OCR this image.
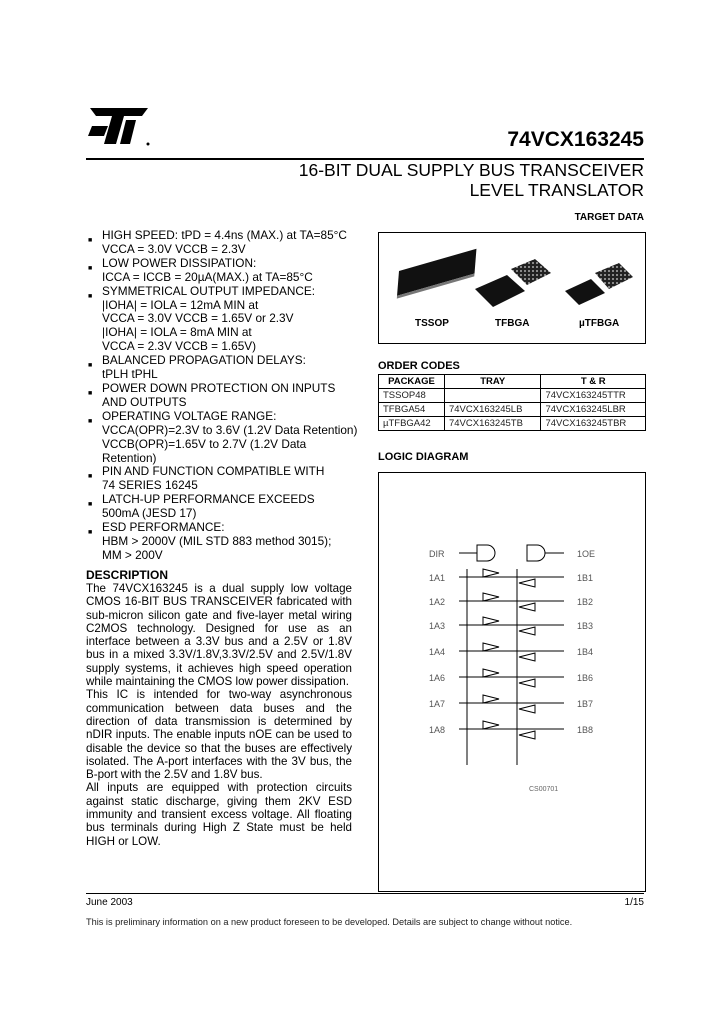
74VCX163245
16-BIT DUAL SUPPLY BUS TRANSCEIVER
LEVEL TRANSLATOR
TARGET DATA
■ HIGH SPEED: tPD = 4.4ns (MAX.) at TA=85°C
VCCA = 3.0V VCCB = 2.3V
■ LOW POWER DISSIPATION:
ICCA = ICCB = 20µA(MAX.) at TA=85°C
■ SYMMETRICAL OUTPUT IMPEDANCE:
|IOHA| = IOLA = 12mA MIN at
VCCA = 3.0V VCCB = 1.65V or 2.3V
|IOHA| = IOLA = 8mA MIN at
VCCA = 2.3V VCCB = 1.65V)
■ BALANCED PROPAGATION DELAYS:
tPLH tPHL
■ POWER DOWN PROTECTION ON INPUTS
AND OUTPUTS
■ OPERATING VOLTAGE RANGE:
VCCA(OPR)=2.3V to 3.6V (1.2V Data Retention)
VCCB(OPR)=1.65V to 2.7V (1.2V Data Retention)
■ PIN AND FUNCTION COMPATIBLE WITH
74 SERIES 16245
■ LATCH-UP PERFORMANCE EXCEEDS
500mA (JESD 17)
■ ESD PERFORMANCE:
HBM > 2000V (MIL STD 883 method 3015);
MM > 200V
DESCRIPTION

The 74VCX163245 is a dual supply low voltage CMOS 16-BIT BUS TRANSCEIVER fabricated with sub-micron silicon gate and five-layer metal wiring C2MOS technology. Designed for use as an interface between a 3.3V bus and a 2.5V or 1.8V bus in a mixed 3.3V/1.8V,3.3V/2.5V and 2.5V/1.8V supply systems, it achieves high speed operation while maintaining the CMOS low power dissipation.

This IC is intended for two-way asynchronous communication between data buses and the direction of data transmission is determined by nDIR inputs. The enable inputs nOE can be used to disable the device so that the buses are effectively isolated. The A-port interfaces with the 3V bus, the B-port with the 2.5V and 1.8V bus.

All inputs are equipped with protection circuits against static discharge, giving them 2KV ESD immunity and transient excess voltage. All floating bus terminals during High Z State must be held HIGH or LOW.

TSSOP	TFBGA	µTFBGA
ORDER CODES
PACKAGE	TRAY	T & R
TSSOP48		74VCX163245TTR
TFBGA54	74VCX163245LB	74VCX163245LBR
µTFBGA42	74VCX163245TB	74VCX163245TBR
LOGIC DIAGRAM
DIR
1A1
1A2
1A3
1A4
1A6
1A7
1A8
1OE
1B1
1B2
1B3
1B4
1B6
1B7
1B8
CS00701
June 2003	1/15
This is preliminary information on a new product foreseen to be developed. Details are subject to change without notice.
